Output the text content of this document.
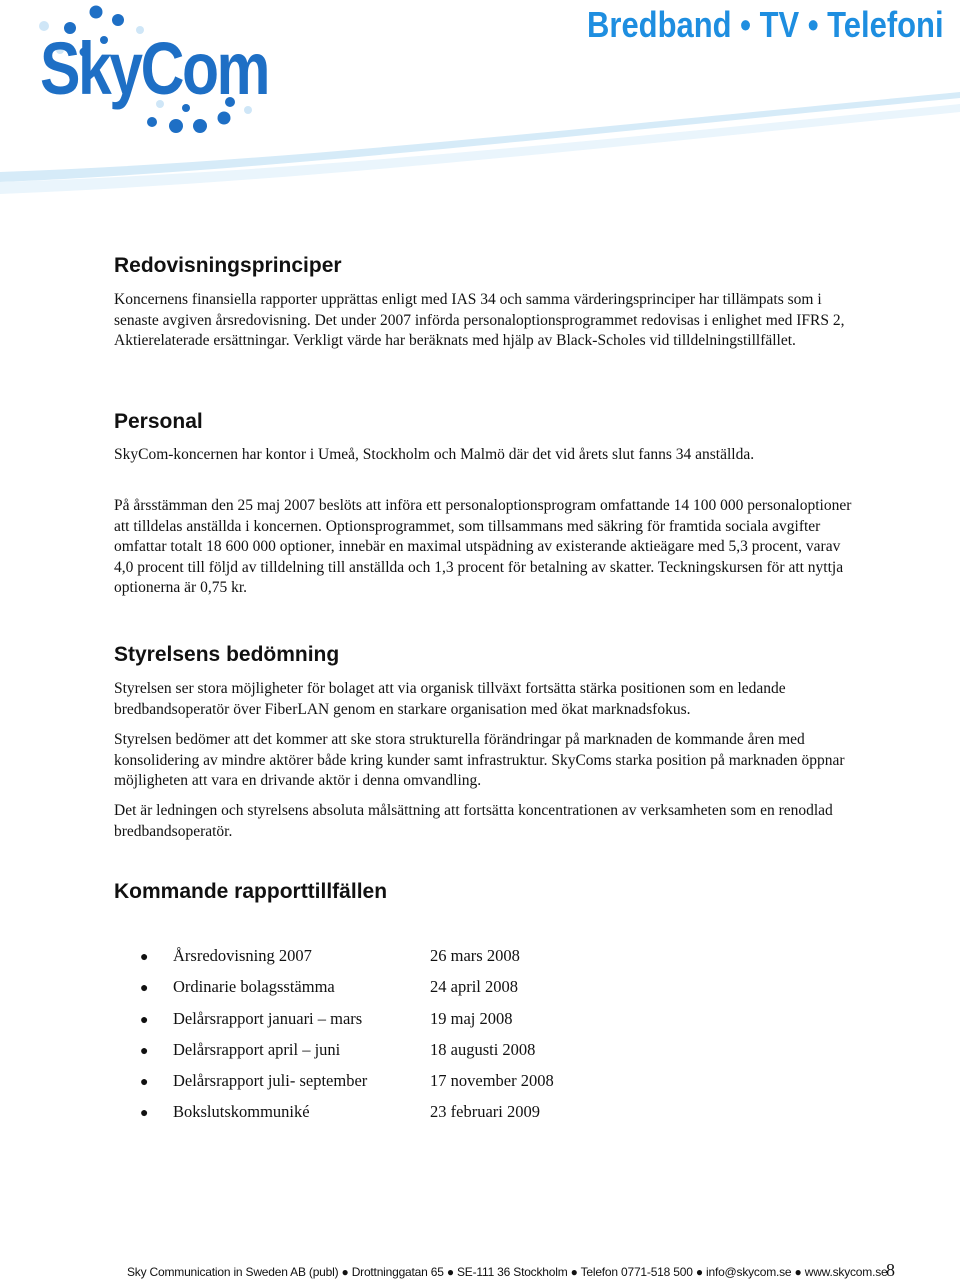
SkyCom
Bredband • TV • Telefoni
Redovisningsprinciper

Koncernens finansiella rapporter upprättas enligt med IAS 34 och samma värderingsprinciper har tillämpats som i senaste avgiven årsredovisning. Det under 2007 införda personaloptionsprogrammet redovisas i enlighet med IFRS 2, Aktierelaterade ersättningar. Verkligt värde har beräknats med hjälp av Black-Scholes vid tilldelningstillfället.

Personal

SkyCom-koncernen har kontor i Umeå, Stockholm och Malmö där det vid årets slut fanns 34 anställda.

På årsstämman den 25 maj 2007 beslöts att införa ett personaloptionsprogram omfattande 14 100 000 personaloptioner att tilldelas anställda i koncernen. Optionsprogrammet, som tillsammans med säkring för framtida sociala avgifter omfattar totalt 18 600 000 optioner, innebär en maximal utspädning av existerande aktieägare med 5,3 procent, varav 4,0 procent till följd av tilldelning till anställda och 1,3 procent för betalning av skatter. Teckningskursen för att nyttja optionerna är 0,75 kr.

Styrelsens bedömning

Styrelsen ser stora möjligheter för bolaget att via organisk tillväxt fortsätta stärka positionen som en ledande bredbandsoperatör över FiberLAN genom en starkare organisation med ökat marknadsfokus.

Styrelsen bedömer att det kommer att ske stora strukturella förändringar på marknaden de kommande åren med konsolidering av mindre aktörer både kring kunder samt infrastruktur. SkyComs starka position på marknaden öppnar möjligheten att vara en drivande aktör i denna omvandling.

Det är ledningen och styrelsens absoluta målsättning att fortsätta koncentrationen av verksamheten som en renodlad bredbandsoperatör.

Kommande rapporttillfällen
● Årsredovisning 2007	26 mars 2008
● Ordinarie bolagsstämma	24 april 2008
● Delårsrapport januari – mars	19 maj 2008
● Delårsrapport april – juni	18 augusti 2008
● Delårsrapport juli- september	17 november 2008
● Bokslutskommuniké	23 februari 2009
Sky Communication in Sweden AB (publ) ● Drottninggatan 65 ● SE-111 36 Stockholm ● Telefon 0771-518 500 ● info@skycom.se ● www.skycom.se
8
